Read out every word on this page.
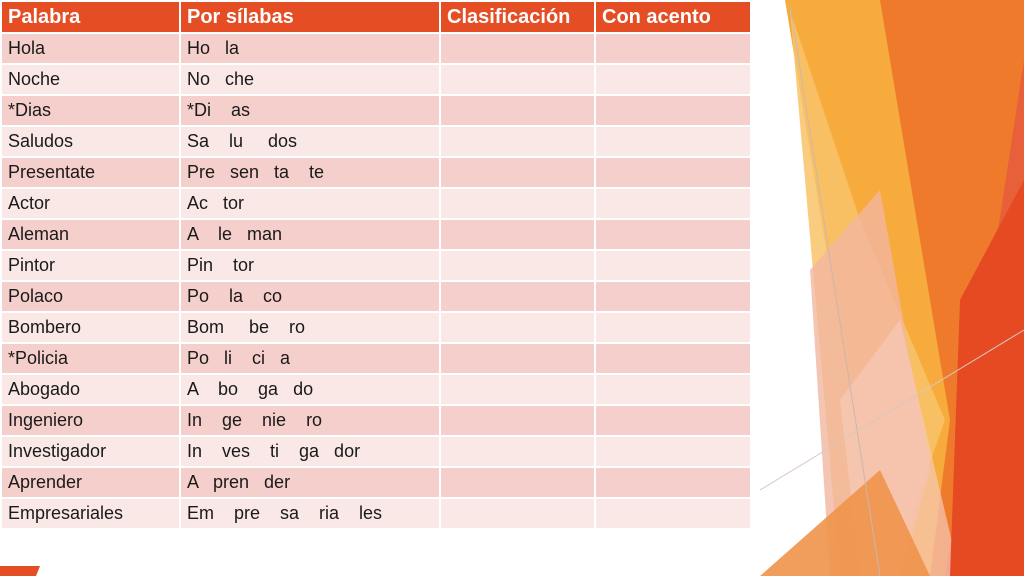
Palabra	Por sílabas	Clasificación	Con acento
Hola	Ho   la		
Noche	No   che		
*Dias	*Di    as		
Saludos	Sa    lu     dos		
Presentate	Pre   sen   ta    te		
Actor	Ac   tor		
Aleman	A    le   man		
Pintor	Pin    tor		
Polaco	Po    la    co		
Bombero	Bom     be    ro		
*Policia	Po   li    ci   a		
Abogado	A    bo    ga   do		
Ingeniero	In    ge    nie    ro		
Investigador	In    ves    ti    ga   dor		
Aprender	A   pren   der		
Empresariales	Em    pre    sa    ria    les		
